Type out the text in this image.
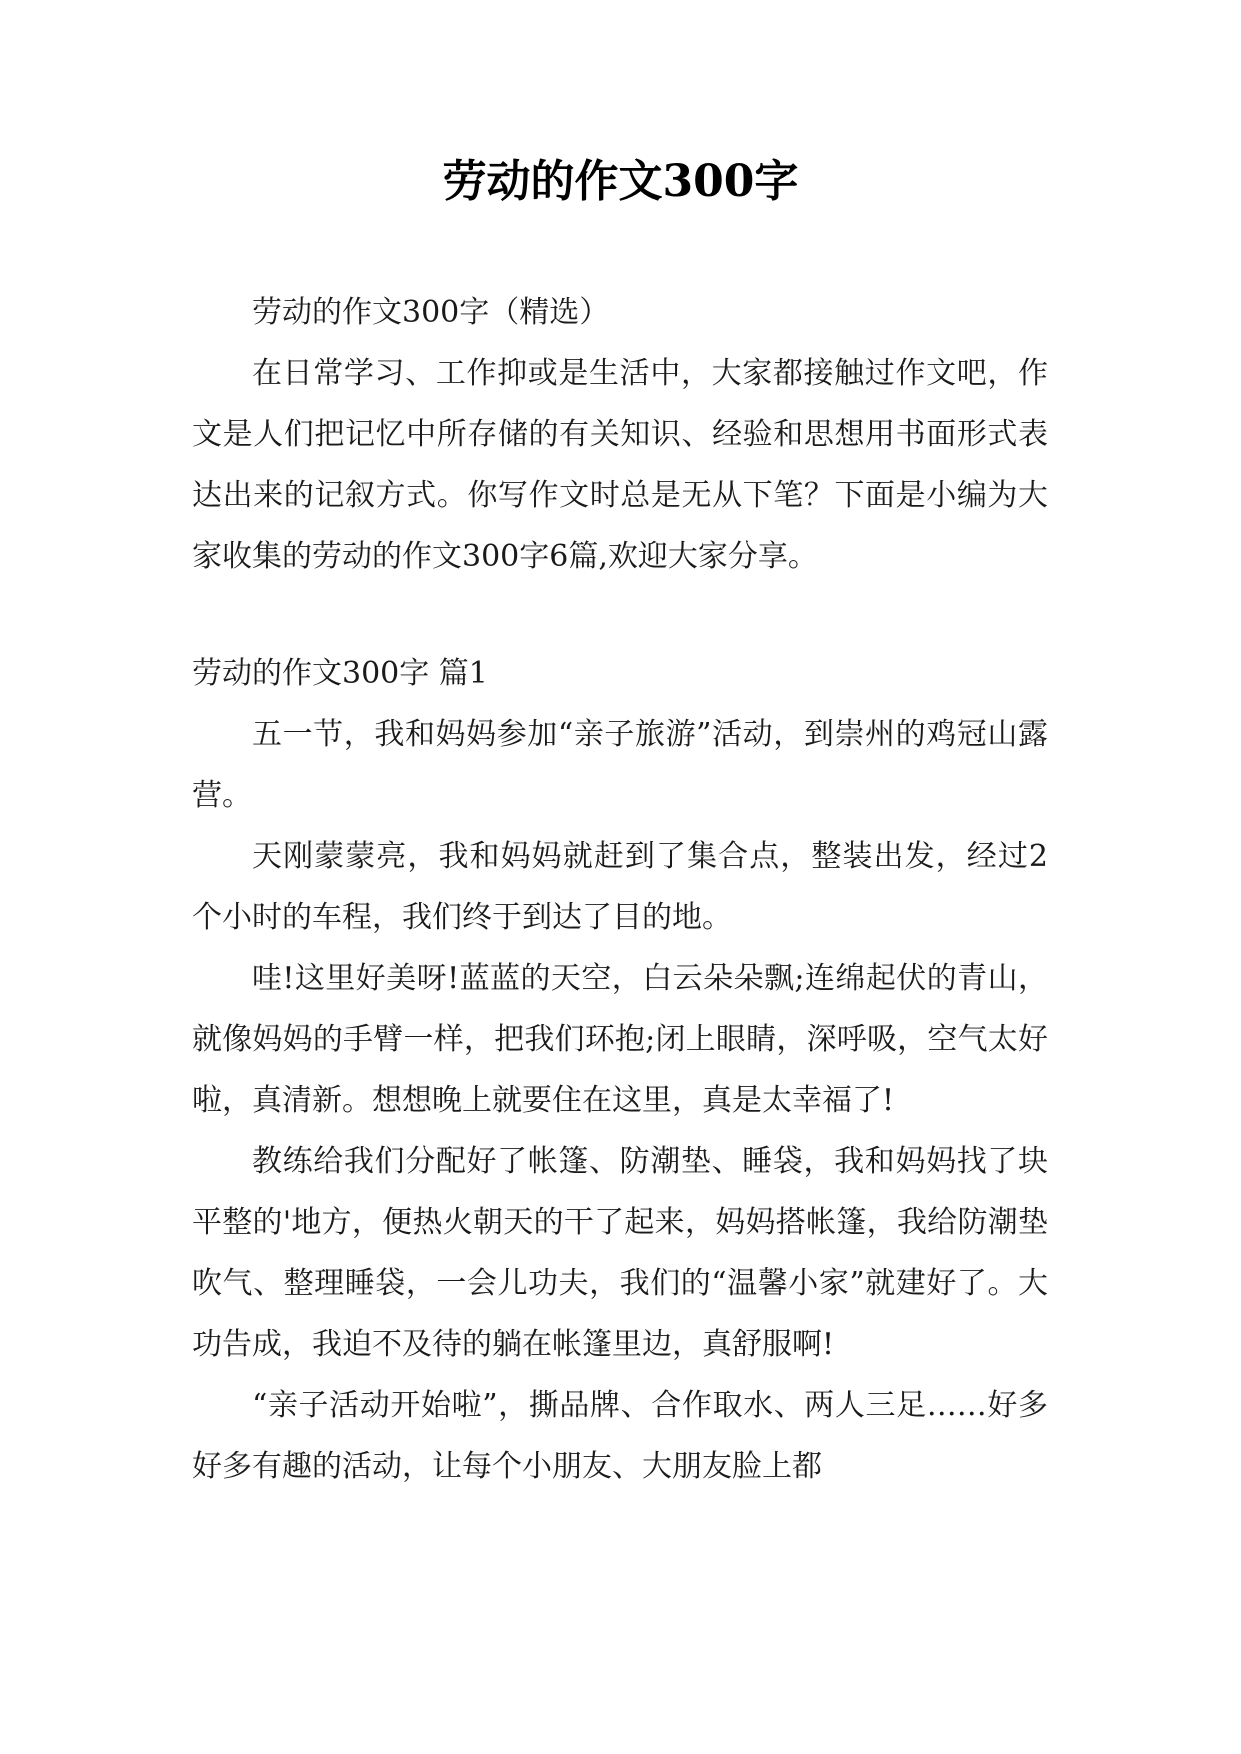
劳动的作文300字

劳动的作文300字（精选）

在日常学习、工作抑或是生活中，大家都接触过作文吧，作文是人们把记忆中所存储的有关知识、经验和思想用书面形式表达出来的记叙方式。你写作文时总是无从下笔？下面是小编为大家收集的劳动的作文300字6篇,欢迎大家分享。

劳动的作文300字 篇1

五一节，我和妈妈参加“亲子旅游”活动，到崇州的鸡冠山露营。

天刚蒙蒙亮，我和妈妈就赶到了集合点，整装出发，经过2个小时的车程，我们终于到达了目的地。

哇!这里好美呀!蓝蓝的天空，白云朵朵飘;连绵起伏的青山，就像妈妈的手臂一样，把我们环抱;闭上眼睛，深呼吸，空气太好啦，真清新。想想晚上就要住在这里，真是太幸福了!

教练给我们分配好了帐篷、防潮垫、睡袋，我和妈妈找了块平整的'地方，便热火朝天的干了起来，妈妈搭帐篷，我给防潮垫吹气、整理睡袋，一会儿功夫，我们的“温馨小家”就建好了。大功告成，我迫不及待的躺在帐篷里边，真舒服啊!

“亲子活动开始啦”，撕品牌、合作取水、两人三足……好多好多有趣的活动，让每个小朋友、大朋友脸上都
